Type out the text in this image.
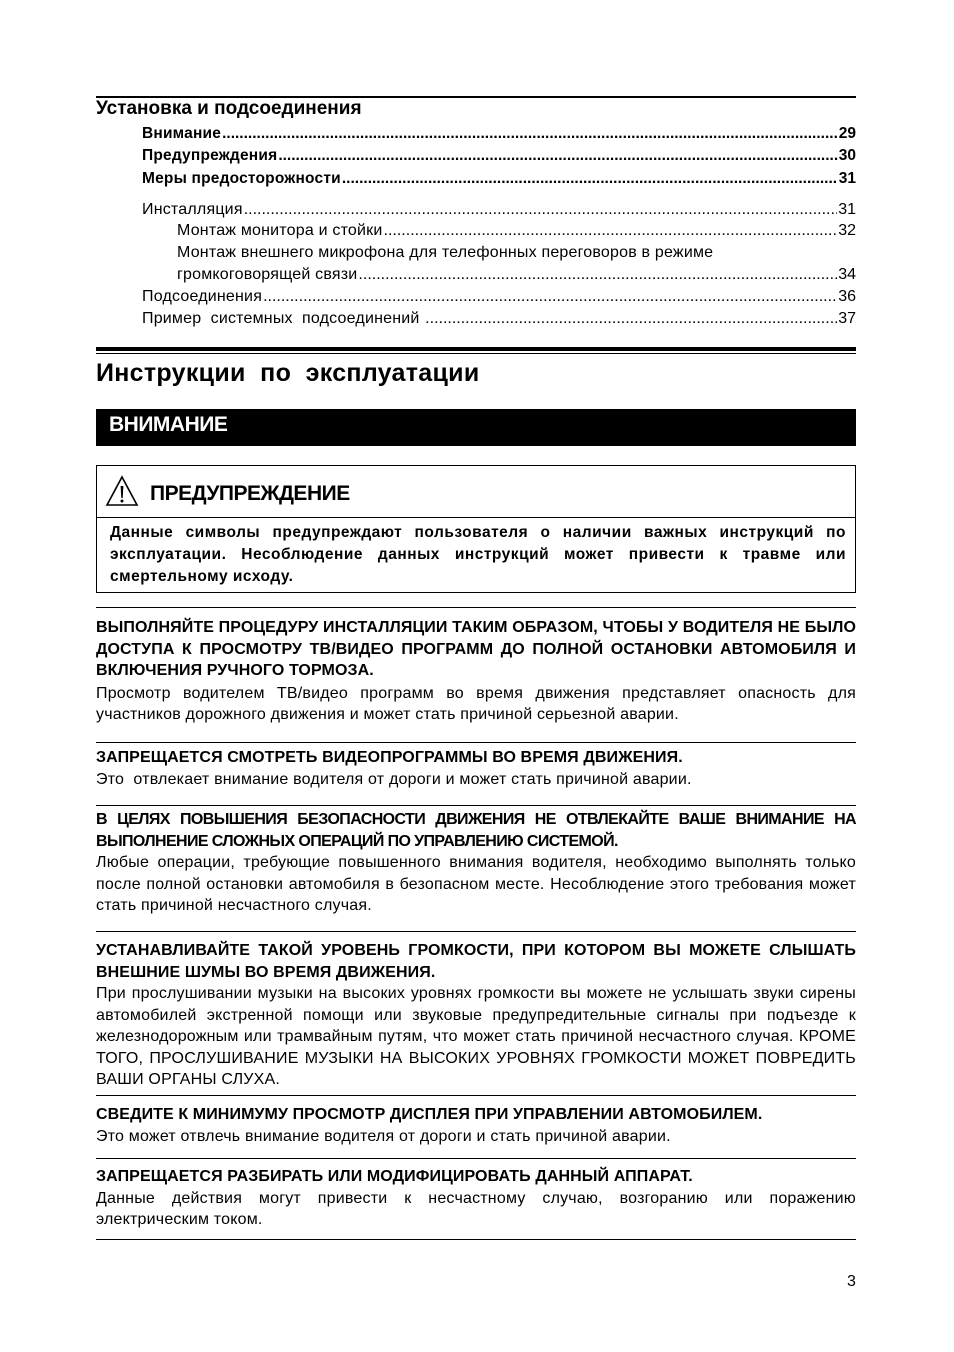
Установка и подсоединения
Внимание .....	29
Предупреждения .....	30
Меры предосторожности .....	31
Инсталляция .....	31
Монтаж монитора и стойки .....	32
Монтаж внешнего микрофона для телефонных переговоров в режиме
громкоговорящей связи .....	34
Подсоединения .....	36
Пример  системных  подсоединений .....	37
Инструкции  по  эксплуатации
ВНИМАНИЕ
ПРЕДУПРЕЖДЕНИЕ
Данные символы предупреждают пользователя о наличии важных инструкций по эксплуатации. Несоблюдение данных инструкций может привести к травме или смертельному исходу.
ВЫПОЛНЯЙТЕ ПРОЦЕДУРУ ИНСТАЛЛЯЦИИ ТАКИМ ОБРАЗОМ, ЧТОБЫ У ВОДИТЕЛЯ НЕ БЫЛО ДОСТУПА К ПРОСМОТРУ ТВ/ВИДЕО ПРОГРАММ ДО ПОЛНОЙ ОСТАНОВКИ АВТОМОБИЛЯ И ВКЛЮЧЕНИЯ РУЧНОГО ТОРМОЗА.
Просмотр водителем ТВ/видео программ во время движения представляет опасность для участников дорожного движения и может стать причиной серьезной аварии.
ЗАПРЕЩАЕТСЯ СМОТРЕТЬ ВИДЕОПРОГРАММЫ ВО ВРЕМЯ ДВИЖЕНИЯ.
Это  отвлекает внимание водителя от дороги и может стать причиной аварии.
В ЦЕЛЯХ ПОВЫШЕНИЯ БЕЗОПАСНОСТИ ДВИЖЕНИЯ НЕ ОТВЛЕКАЙТЕ ВАШЕ ВНИМАНИЕ НА ВЫПОЛНЕНИЕ СЛОЖНЫХ ОПЕРАЦИЙ ПО УПРАВЛЕНИЮ СИСТЕМОЙ.
Любые операции, требующие повышенного внимания водителя, необходимо выполнять только после полной остановки автомобиля в безопасном месте. Несоблюдение этого требования может стать причиной несчастного случая.
УСТАНАВЛИВАЙТЕ ТАКОЙ УРОВЕНЬ ГРОМКОСТИ, ПРИ КОТОРОМ ВЫ МОЖЕТЕ СЛЫШАТЬ ВНЕШНИЕ ШУМЫ ВО ВРЕМЯ ДВИЖЕНИЯ.
При прослушивании музыки на высоких уровнях громкости вы можете не услышать звуки сирены автомобилей экстренной помощи или звуковые предупредительные сигналы при подъезде к железнодорожным или трамвайным путям, что может стать причиной несчастного случая. КРОМЕ ТОГО, ПРОСЛУШИВАНИЕ МУЗЫКИ НА ВЫСОКИХ УРОВНЯХ ГРОМКОСТИ МОЖЕТ ПОВРЕДИТЬ ВАШИ ОРГАНЫ СЛУХА.
СВЕДИТЕ К МИНИМУМУ ПРОСМОТР ДИСПЛЕЯ ПРИ УПРАВЛЕНИИ АВТОМОБИЛЕМ.
Это может отвлечь внимание водителя от дороги и стать причиной аварии.
ЗАПРЕЩАЕТСЯ РАЗБИРАТЬ ИЛИ МОДИФИЦИРОВАТЬ ДАННЫЙ АППАРАТ.
Данные действия могут привести к несчастному случаю, возгоранию или поражению электрическим током.
3
